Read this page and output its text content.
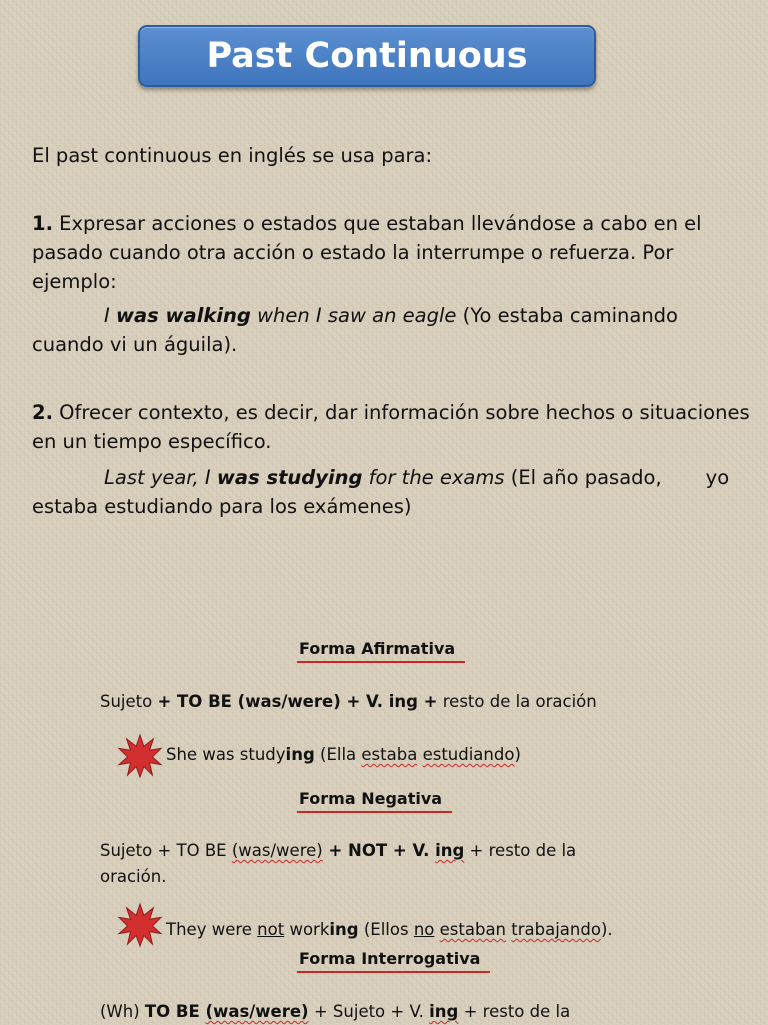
Past Continuous

El past continuous en inglés se usa para:

1. Expresar acciones o estados que estaban llevándose a cabo en el pasado cuando otra acción o estado la interrumpe o refuerza. Por ejemplo:

I was walking when I saw an eagle (Yo estaba caminando cuando vi un águila).

2. Ofrecer contexto, es decir, dar información sobre hechos o situaciones en un tiempo específico.

Last year, I was studying for the exams (El año pasado, yo estaba estudiando para los exámenes)

Forma Afirmativa

Sujeto + TO BE (was/were) + V. ing + resto de la oración

She was studying (Ella estaba estudiando)

Forma Negativa

Sujeto + TO BE (was/were) + NOT + V. ing + resto de la
oración.

They were not working (Ellos no estaban trabajando).

Forma Interrogativa

(Wh) TO BE (was/were) + Sujeto + V. ing + resto de la
